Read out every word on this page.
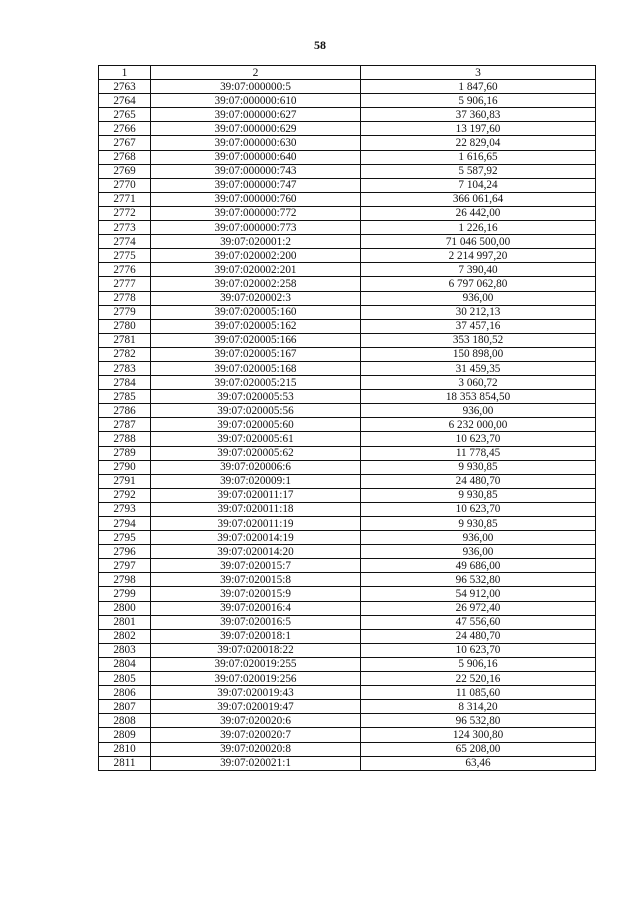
58
1	2	3
2763	39:07:000000:5	1 847,60
2764	39:07:000000:610	5 906,16
2765	39:07:000000:627	37 360,83
2766	39:07:000000:629	13 197,60
2767	39:07:000000:630	22 829,04
2768	39:07:000000:640	1 616,65
2769	39:07:000000:743	5 587,92
2770	39:07:000000:747	7 104,24
2771	39:07:000000:760	366 061,64
2772	39:07:000000:772	26 442,00
2773	39:07:000000:773	1 226,16
2774	39:07:020001:2	71 046 500,00
2775	39:07:020002:200	2 214 997,20
2776	39:07:020002:201	7 390,40
2777	39:07:020002:258	6 797 062,80
2778	39:07:020002:3	936,00
2779	39:07:020005:160	30 212,13
2780	39:07:020005:162	37 457,16
2781	39:07:020005:166	353 180,52
2782	39:07:020005:167	150 898,00
2783	39:07:020005:168	31 459,35
2784	39:07:020005:215	3 060,72
2785	39:07:020005:53	18 353 854,50
2786	39:07:020005:56	936,00
2787	39:07:020005:60	6 232 000,00
2788	39:07:020005:61	10 623,70
2789	39:07:020005:62	11 778,45
2790	39:07:020006:6	9 930,85
2791	39:07:020009:1	24 480,70
2792	39:07:020011:17	9 930,85
2793	39:07:020011:18	10 623,70
2794	39:07:020011:19	9 930,85
2795	39:07:020014:19	936,00
2796	39:07:020014:20	936,00
2797	39:07:020015:7	49 686,00
2798	39:07:020015:8	96 532,80
2799	39:07:020015:9	54 912,00
2800	39:07:020016:4	26 972,40
2801	39:07:020016:5	47 556,60
2802	39:07:020018:1	24 480,70
2803	39:07:020018:22	10 623,70
2804	39:07:020019:255	5 906,16
2805	39:07:020019:256	22 520,16
2806	39:07:020019:43	11 085,60
2807	39:07:020019:47	8 314,20
2808	39:07:020020:6	96 532,80
2809	39:07:020020:7	124 300,80
2810	39:07:020020:8	65 208,00
2811	39:07:020021:1	63,46
